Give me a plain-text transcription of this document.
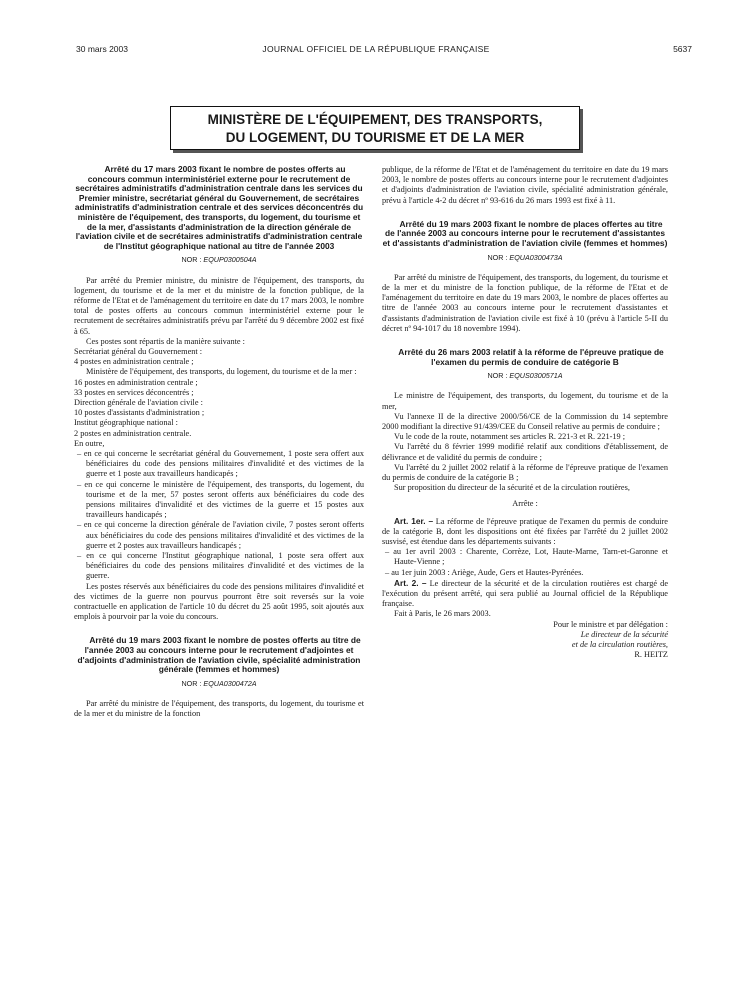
JOURNAL OFFICIEL DE LA RÉPUBLIQUE FRANÇAISE
30 mars 2003	5637
MINISTÈRE DE L'ÉQUIPEMENT, DES TRANSPORTS,
DU LOGEMENT, DU TOURISME ET DE LA MER

Arrêté du 17 mars 2003 fixant le nombre de postes offerts au concours commun interministériel externe pour le recrutement de secrétaires administratifs d'administration centrale dans les services du Premier ministre, secrétariat général du Gouvernement, de secrétaires administratifs d'administration centrale et des services déconcentrés du ministère de l'équipement, des transports, du logement, du tourisme et de la mer, d'assistants d'administration de la direction générale de l'aviation civile et de secrétaires administratifs d'administration centrale de l'Institut géographique national au titre de l'année 2003

NOR : EQUP0300504A

Par arrêté du Premier ministre, du ministre de l'équipement, des transports, du logement, du tourisme et de la mer et du ministre de la fonction publique, de la réforme de l'Etat et de l'aménagement du territoire en date du 17 mars 2003, le nombre total de postes offerts au concours commun interministériel externe pour le recrutement de secrétaires administratifs prévu par l'arrêté du 9 décembre 2002 est fixé à 65.

Ces postes sont répartis de la manière suivante :

Secrétariat général du Gouvernement :

4 postes en administration centrale ;

Ministère de l'équipement, des transports, du logement, du tourisme et de la mer :

16 postes en administration centrale ;

33 postes en services déconcentrés ;

Direction générale de l'aviation civile :

10 postes d'assistants d'administration ;

Institut géographique national :

2 postes en administration centrale.

En outre,

– en ce qui concerne le secrétariat général du Gouvernement, 1 poste sera offert aux bénéficiaires du code des pensions militaires d'invalidité et des victimes de la guerre et 1 poste aux travailleurs handicapés ;

– en ce qui concerne le ministère de l'équipement, des transports, du logement, du tourisme et de la mer, 57 postes seront offerts aux bénéficiaires du code des pensions militaires d'invalidité et des victimes de la guerre et 15 postes aux travailleurs handicapés ;

– en ce qui concerne la direction générale de l'aviation civile, 7 postes seront offerts aux bénéficiaires du code des pensions militaires d'invalidité et des victimes de la guerre et 2 postes aux travailleurs handicapés ;

– en ce qui concerne l'Institut géographique national, 1 poste sera offert aux bénéficiaires du code des pensions militaires d'invalidité et des victimes de la guerre.

Les postes réservés aux bénéficiaires du code des pensions militaires d'invalidité et des victimes de la guerre non pourvus pourront être soit reversés sur la voie contractuelle en application de l'article 10 du décret du 25 août 1995, soit ajoutés aux emplois à pourvoir par la voie du concours.

Arrêté du 19 mars 2003 fixant le nombre de postes offerts au titre de l'année 2003 au concours interne pour le recrutement d'adjointes et d'adjoints d'administration de l'aviation civile, spécialité administration générale (femmes et hommes)

NOR : EQUA0300472A

Par arrêté du ministre de l'équipement, des transports, du logement, du tourisme et de la mer et du ministre de la fonction

publique, de la réforme de l'Etat et de l'aménagement du territoire en date du 19 mars 2003, le nombre de postes offerts au concours interne pour le recrutement d'adjointes et d'adjoints d'administration de l'aviation civile, spécialité administration générale, prévu à l'article 4-2 du décret nº 93-616 du 26 mars 1993 est fixé à 11.

Arrêté du 19 mars 2003 fixant le nombre de places offertes au titre de l'année 2003 au concours interne pour le recrutement d'assistantes et d'assistants d'administration de l'aviation civile (femmes et hommes)

NOR : EQUA0300473A

Par arrêté du ministre de l'équipement, des transports, du logement, du tourisme et de la mer et du ministre de la fonction publique, de la réforme de l'Etat et de l'aménagement du territoire en date du 19 mars 2003, le nombre de places offertes au titre de l'année 2003 au concours interne pour le recrutement d'assistantes et d'assistants d'administration de l'aviation civile est fixé à 10 (prévu à l'article 5-II du décret nº 94-1017 du 18 novembre 1994).

Arrêté du 26 mars 2003 relatif à la réforme de l'épreuve pratique de l'examen du permis de conduire de catégorie B

NOR : EQUS0300571A

Le ministre de l'équipement, des transports, du logement, du tourisme et de la mer,

Vu l'annexe II de la directive 2000/56/CE de la Commission du 14 septembre 2000 modifiant la directive 91/439/CEE du Conseil relative au permis de conduire ;

Vu le code de la route, notamment ses articles R. 221-3 et R. 221-19 ;

Vu l'arrêté du 8 février 1999 modifié relatif aux conditions d'établissement, de délivrance et de validité du permis de conduire ;

Vu l'arrêté du 2 juillet 2002 relatif à la réforme de l'épreuve pratique de l'examen du permis de conduire de la catégorie B ;

Sur proposition du directeur de la sécurité et de la circulation routières,

Arrête :

Art. 1er. – La réforme de l'épreuve pratique de l'examen du permis de conduire de la catégorie B, dont les dispositions ont été fixées par l'arrêté du 2 juillet 2002 susvisé, est étendue dans les départements suivants :

– au 1er avril 2003 : Charente, Corrèze, Lot, Haute-Marne, Tarn-et-Garonne et Haute-Vienne ;

– au 1er juin 2003 : Ariège, Aude, Gers et Hautes-Pyrénées.

Art. 2. – Le directeur de la sécurité et de la circulation routières est chargé de l'exécution du présent arrêté, qui sera publié au Journal officiel de la République française.

Fait à Paris, le 26 mars 2003.

Pour le ministre et par délégation :

Le directeur de la sécurité

et de la circulation routières,

R. HEITZ
